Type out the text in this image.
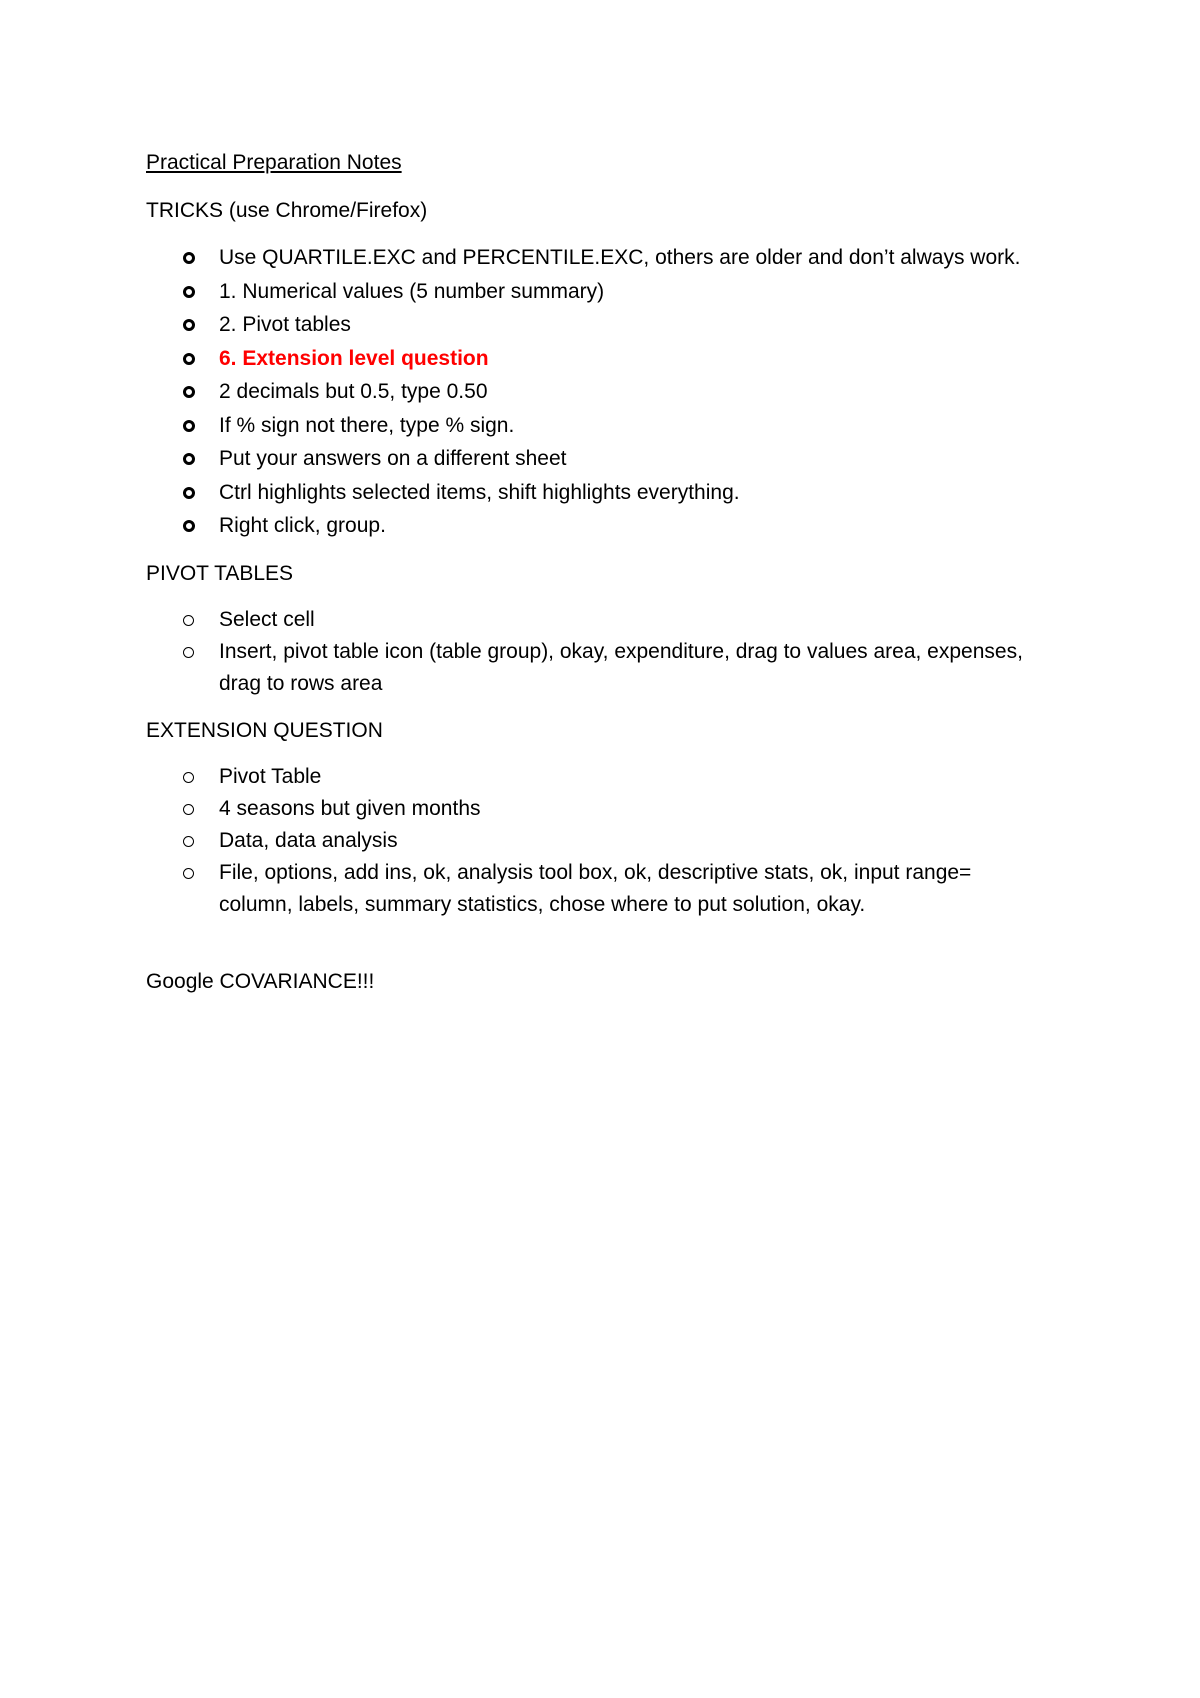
Practical Preparation Notes
TRICKS (use Chrome/Firefox)
Use QUARTILE.EXC and PERCENTILE.EXC, others are older and don’t always work.
1. Numerical values (5 number summary)
2. Pivot tables
6. Extension level question
2 decimals but 0.5, type 0.50
If % sign not there, type % sign.
Put your answers on a different sheet
Ctrl highlights selected items, shift highlights everything.
Right click, group.
PIVOT TABLES
Select cell
Insert, pivot table icon (table group), okay, expenditure, drag to values area, expenses, drag to rows area
EXTENSION QUESTION
Pivot Table
4 seasons but given months
Data, data analysis
File, options, add ins, ok, analysis tool box, ok, descriptive stats, ok, input range= column, labels, summary statistics, chose where to put solution, okay.

Google COVARIANCE!!!
